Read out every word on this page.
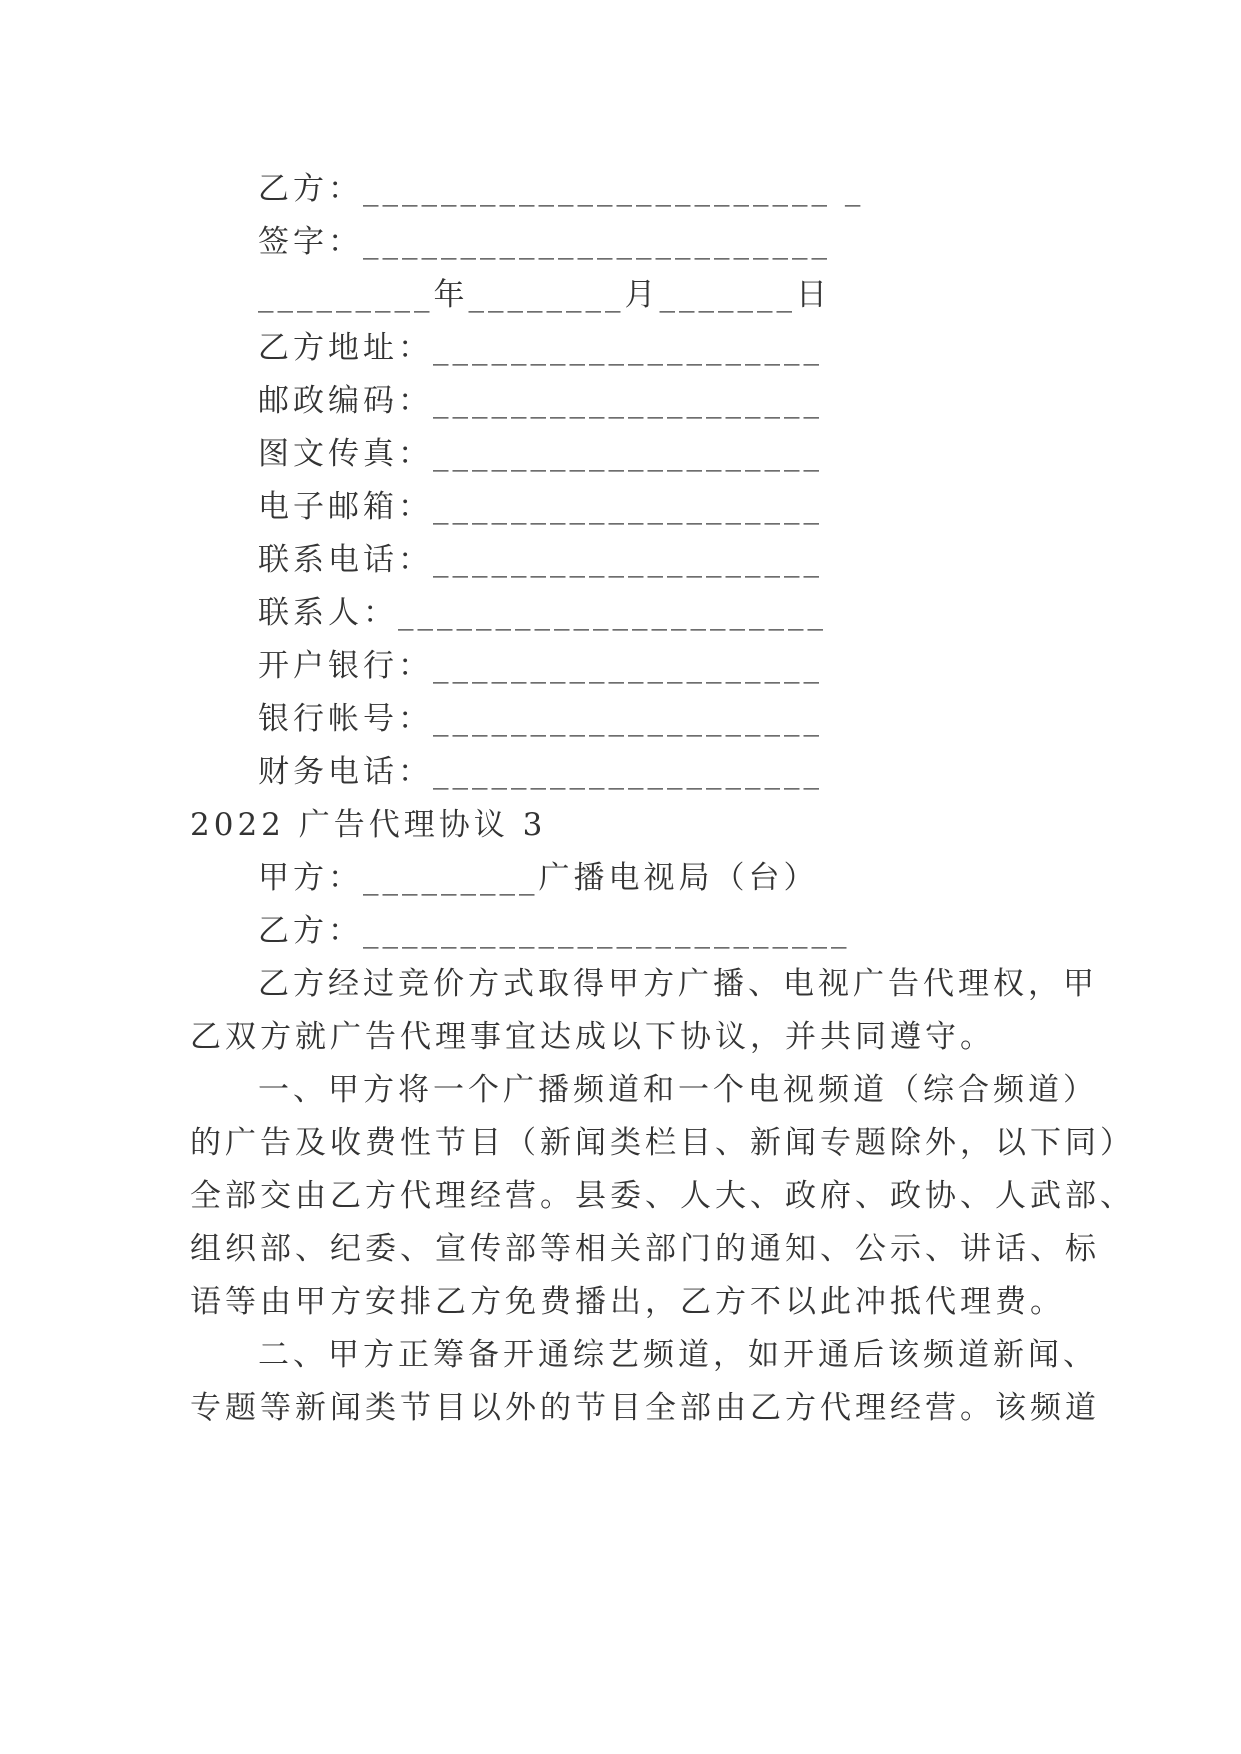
乙方：________________________ _
签字：________________________
_________年________月_______日
乙方地址：____________________
邮政编码：____________________
图文传真：____________________
电子邮箱：____________________
联系电话：____________________
联系人：______________________
开户银行：____________________
银行帐号：____________________
财务电话：____________________
2022 广告代理协议 3
甲方：_________广播电视局（台）
乙方：_________________________
乙方经过竞价方式取得甲方广播、电视广告代理权，甲
乙双方就广告代理事宜达成以下协议，并共同遵守。
一、甲方将一个广播频道和一个电视频道（综合频道）
的广告及收费性节目（新闻类栏目、新闻专题除外，以下同）
全部交由乙方代理经营。县委、人大、政府、政协、人武部、
组织部、纪委、宣传部等相关部门的通知、公示、讲话、标
语等由甲方安排乙方免费播出，乙方不以此冲抵代理费。
二、甲方正筹备开通综艺频道，如开通后该频道新闻、
专题等新闻类节目以外的节目全部由乙方代理经营。该频道
